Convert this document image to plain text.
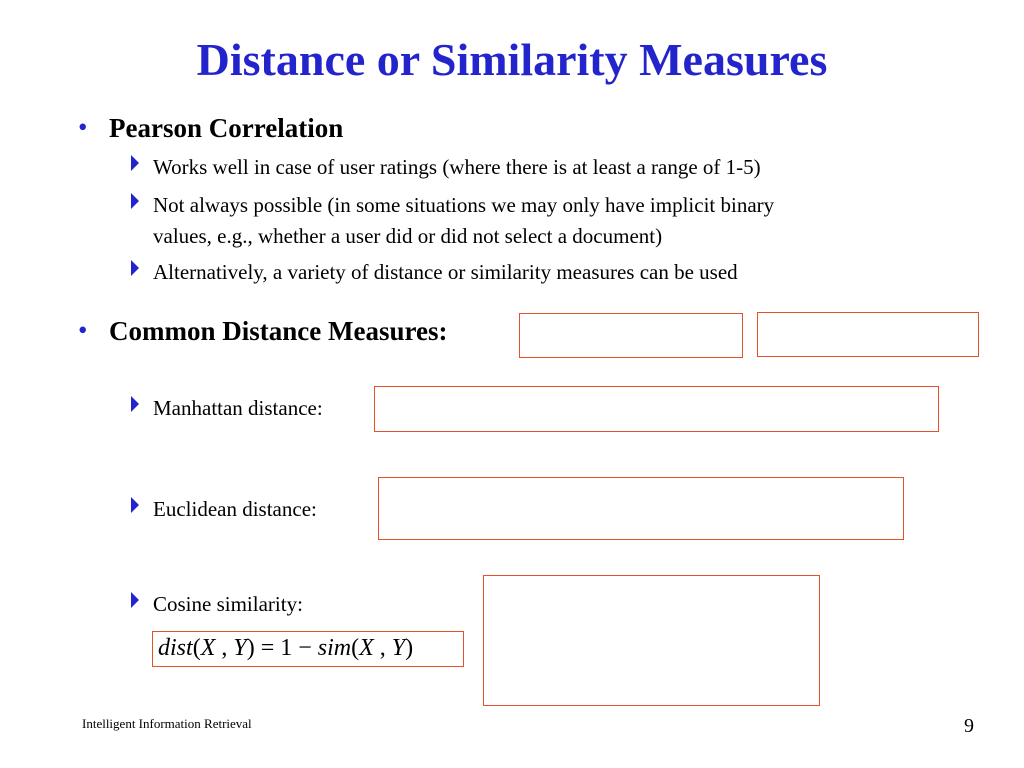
Distance or Similarity Measures
• Pearson Correlation
Works well in case of user ratings (where there is at least a range of 1-5)
Not always possible (in some situations we may only have implicit binary
values, e.g., whether a user did or did not select a document)
Alternatively, a variety of distance or similarity measures can be used
• Common Distance Measures:
Manhattan distance:
Euclidean distance:
Cosine similarity:
dist(X , Y) = 1 − sim(X , Y)
Intelligent Information Retrieval	9
